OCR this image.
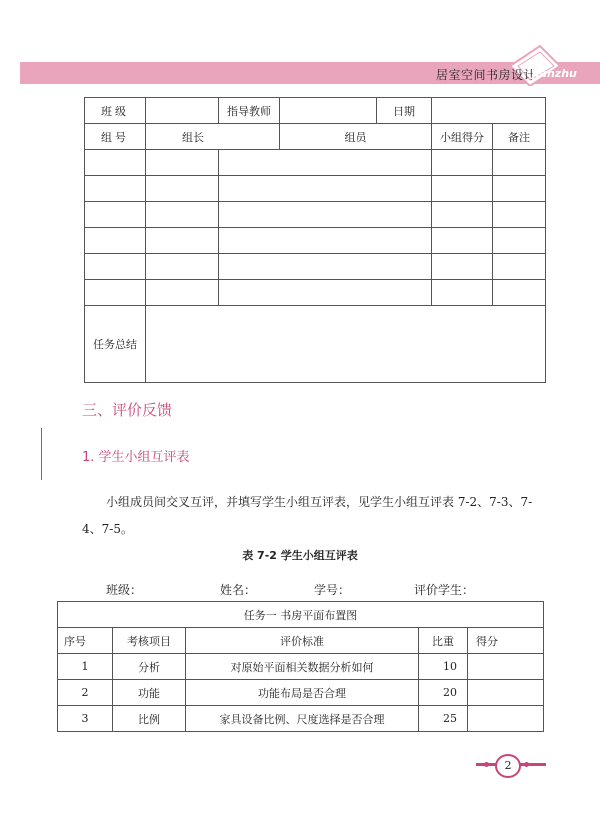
居室空间书房设计
jianzhu
班级		指导教师		日期		
组号	组长		组员		小组得分	备注

任务总结						
三、评价反馈
1. 学生小组互评表
小组成员间交叉互评，并填写学生小组互评表，见学生小组互评表 7-2、7-3、7-4、7-5。
表 7-2 学生小组互评表
班级：	姓名：	学号：	评价学生：
任务一 书房平面布置图				
序号	考核项目	评价标准	比重	得分
1	分析	对原始平面相关数据分析如何	10	
2	功能	功能布局是否合理	20	
3	比例	家具设备比例、尺度选择是否合理	25	
2
